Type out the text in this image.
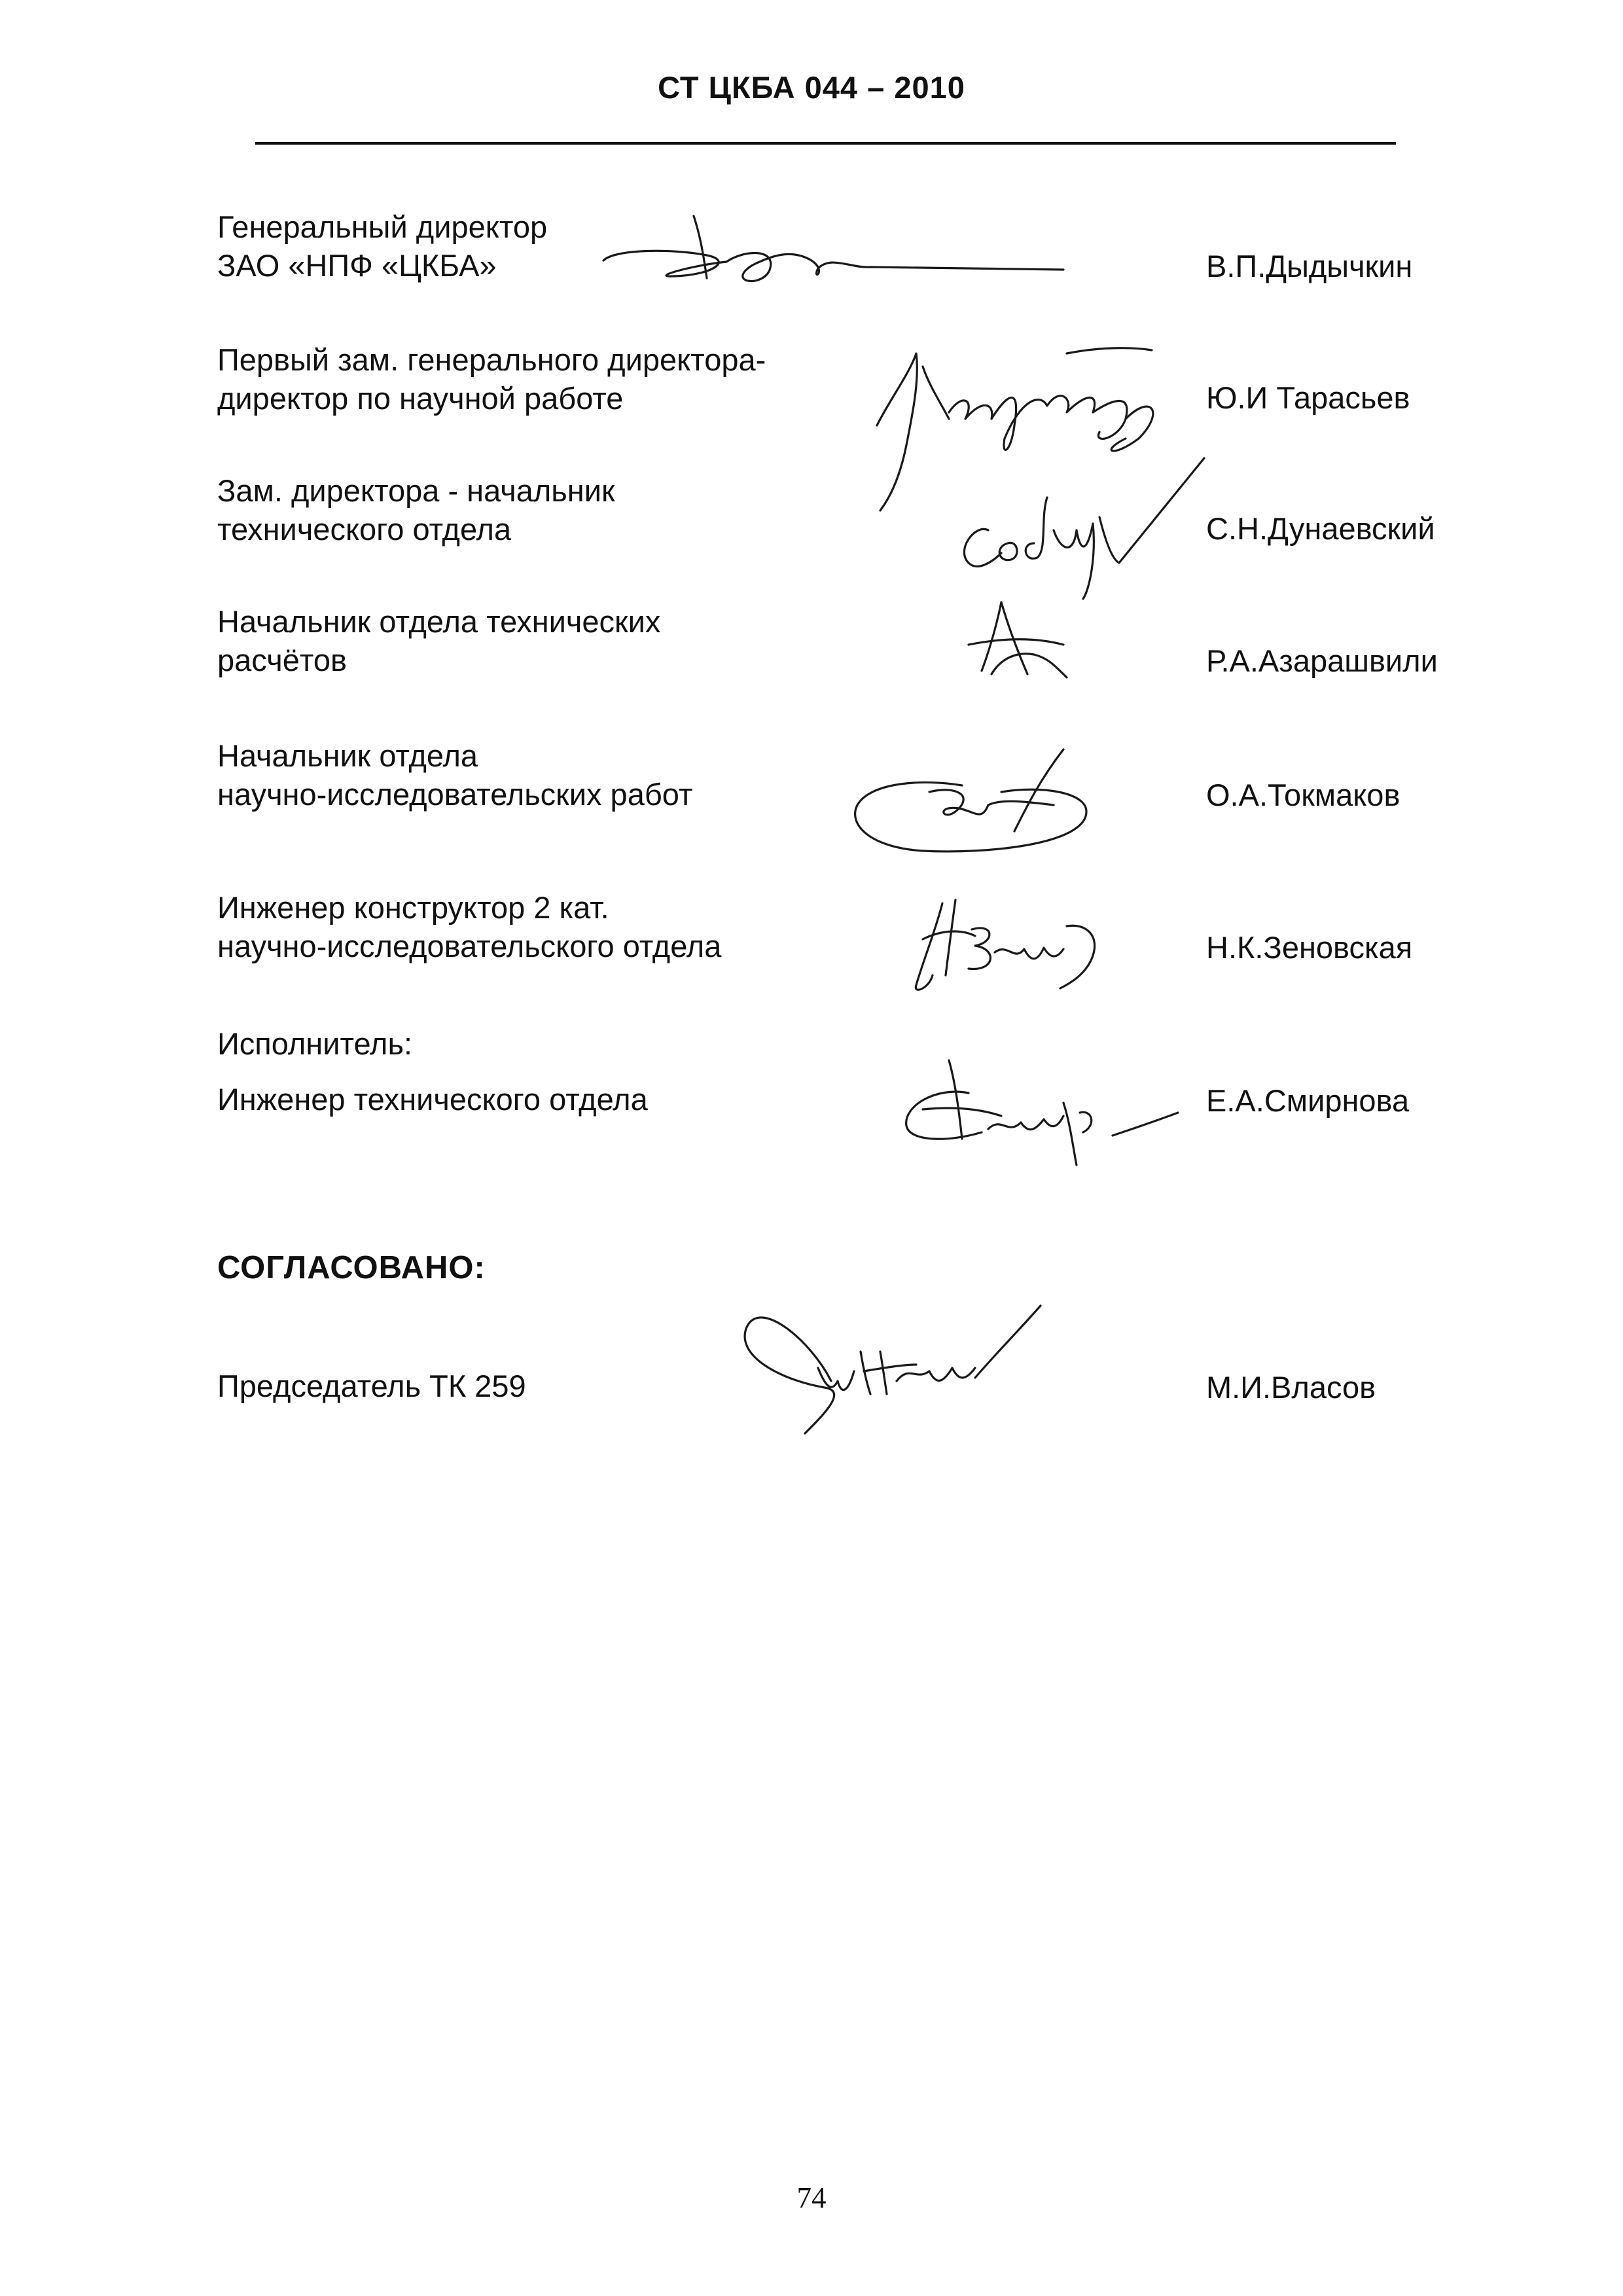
СТ ЦКБА 044 – 2010
Генеральный директор
ЗАО «НПФ «ЦКБА»	В.П.Дыдычкин
Первый зам. генерального директора-
директор по научной работе	Ю.И Тарасьев
Зам. директора - начальник
технического отдела	С.Н.Дунаевский
Начальник отдела технических
расчётов	Р.А.Азарашвили
Начальник отдела
научно-исследовательских работ	О.А.Токмаков
Инженер конструктор 2 кат.
научно-исследовательского отдела	Н.К.Зеновская
Исполнитель:
Инженер технического отдела	Е.А.Смирнова
СОГЛАСОВАНО:
Председатель ТК 259	М.И.Власов
74
